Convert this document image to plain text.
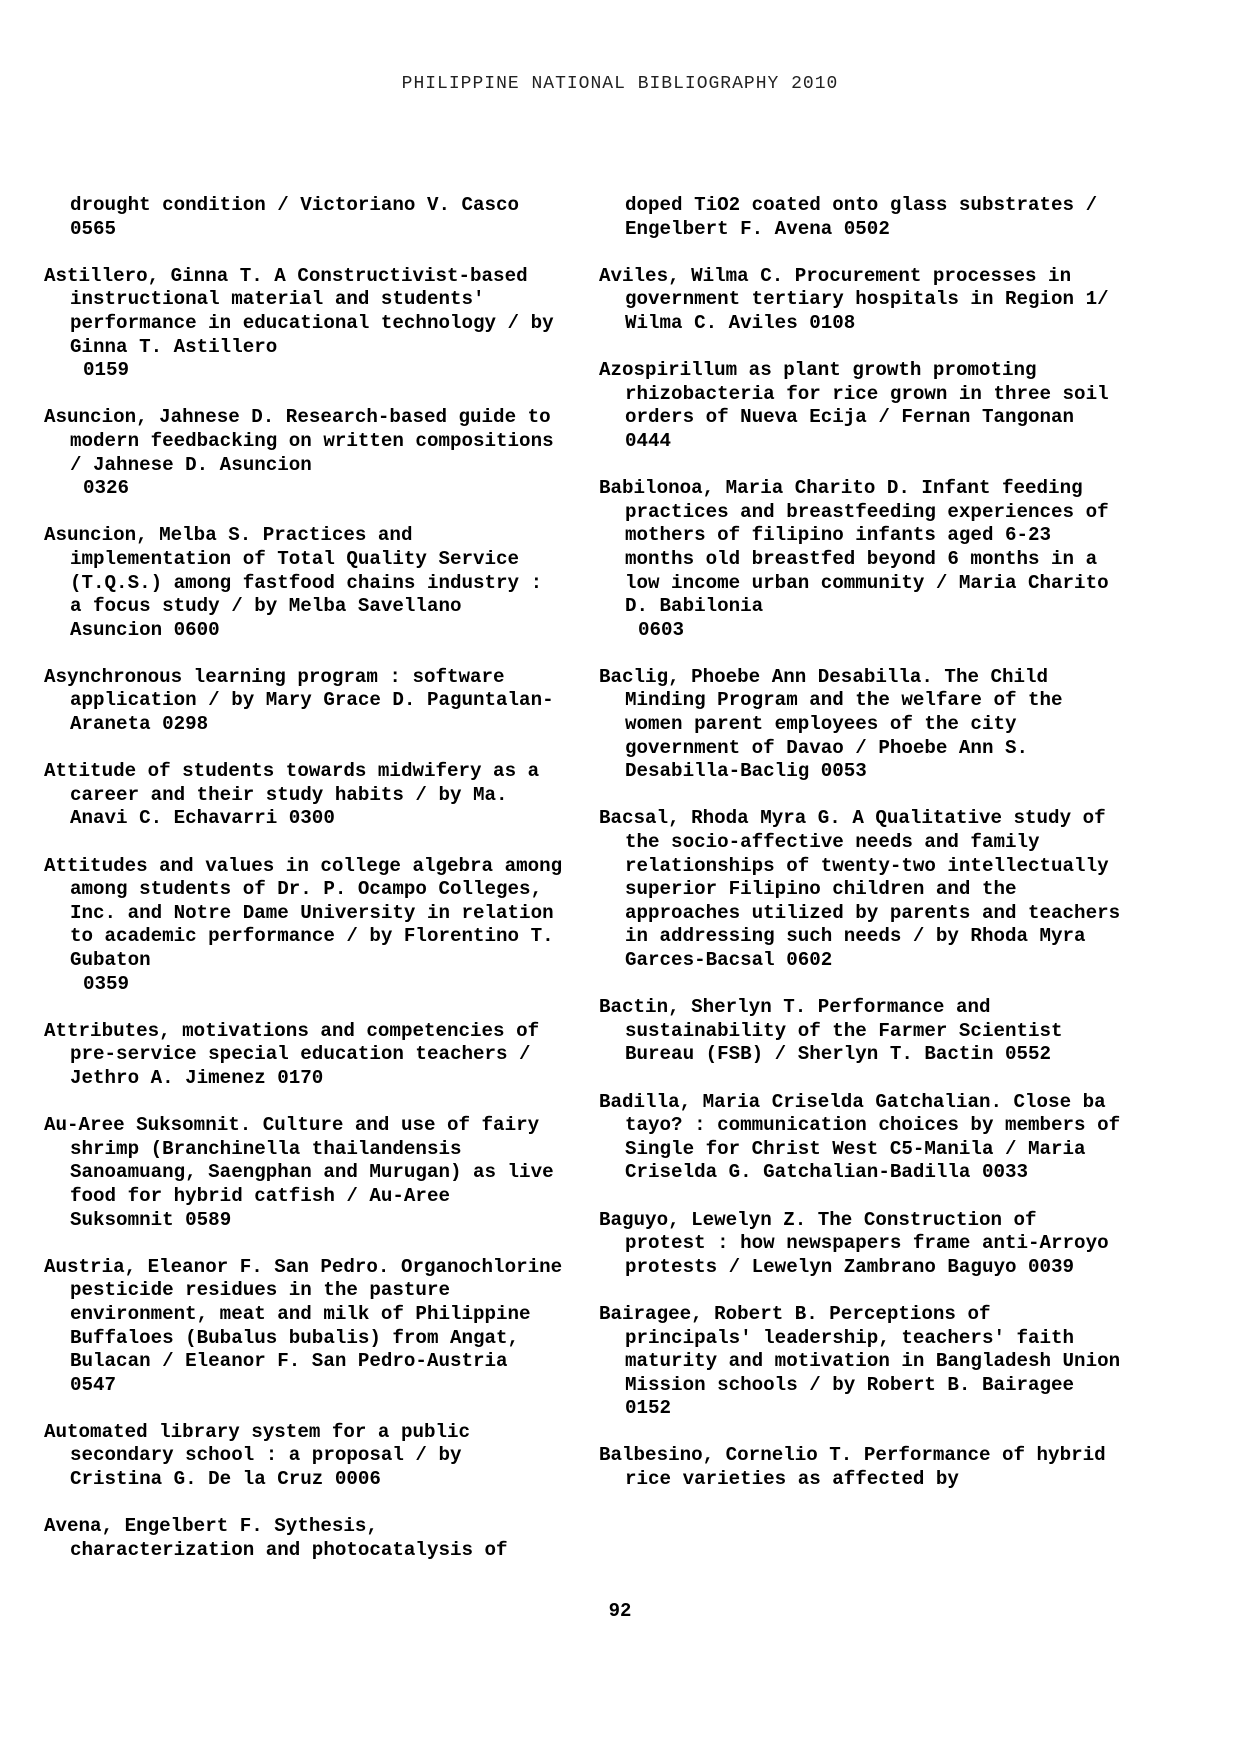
PHILIPPINE NATIONAL BIBLIOGRAPHY 2010
drought condition / Victoriano V. Casco 0565
Astillero, Ginna T. A Constructivist-based instructional material and students' performance in educational technology / by Ginna T. Astillero
0159
Asuncion, Jahnese D. Research-based guide to modern feedbacking on written compositions / Jahnese D. Asuncion
0326
Asuncion, Melba S. Practices and implementation of Total Quality Service (T.Q.S.) among fastfood chains industry : a focus study / by Melba Savellano Asuncion 0600
Asynchronous learning program : software application / by Mary Grace D. Paguntalan-Araneta 0298
Attitude of students towards midwifery as a career and their study habits / by Ma. Anavi C. Echavarri 0300
Attitudes and values in college algebra among among students of Dr. P. Ocampo Colleges, Inc. and Notre Dame University in relation to academic performance / by Florentino T. Gubaton
0359
Attributes, motivations and competencies of pre-service special education teachers / Jethro A. Jimenez 0170
Au-Aree Suksomnit. Culture and use of fairy shrimp (Branchinella thailandensis Sanoamuang, Saengphan and Murugan) as live food for hybrid catfish / Au-Aree Suksomnit 0589
Austria, Eleanor F. San Pedro. Organochlorine pesticide residues in the pasture environment, meat and milk of Philippine Buffaloes (Bubalus bubalis) from Angat, Bulacan / Eleanor F. San Pedro-Austria 0547
Automated library system for a public secondary school : a proposal / by Cristina G. De la Cruz 0006
Avena, Engelbert F. Sythesis, characterization and photocatalysis of
doped TiO2 coated onto glass substrates / Engelbert F. Avena 0502
Aviles, Wilma C. Procurement processes in government tertiary hospitals in Region 1/ Wilma C. Aviles 0108
Azospirillum as plant growth promoting rhizobacteria for rice grown in three soil orders of Nueva Ecija / Fernan Tangonan 0444
Babilonoa, Maria Charito D. Infant feeding practices and breastfeeding experiences of mothers of filipino infants aged 6-23 months old breastfed beyond 6 months in a low income urban community / Maria Charito D. Babilonia
0603
Baclig, Phoebe Ann Desabilla. The Child Minding Program and the welfare of the women parent employees of the city government of Davao / Phoebe Ann S. Desabilla-Baclig 0053
Bacsal, Rhoda Myra G. A Qualitative study of the socio-affective needs and family relationships of twenty-two intellectually superior Filipino children and the approaches utilized by parents and teachers in addressing such needs / by Rhoda Myra Garces-Bacsal 0602
Bactin, Sherlyn T. Performance and sustainability of the Farmer Scientist Bureau (FSB) / Sherlyn T. Bactin 0552
Badilla, Maria Criselda Gatchalian. Close ba tayo? : communication choices by members of Single for Christ West C5-Manila / Maria Criselda G. Gatchalian-Badilla 0033
Baguyo, Lewelyn Z. The Construction of protest : how newspapers frame anti-Arroyo protests / Lewelyn Zambrano Baguyo 0039
Bairagee, Robert B. Perceptions of principals' leadership, teachers' faith maturity and motivation in Bangladesh Union Mission schools / by Robert B. Bairagee 0152
Balbesino, Cornelio T. Performance of hybrid rice varieties as affected by
92
